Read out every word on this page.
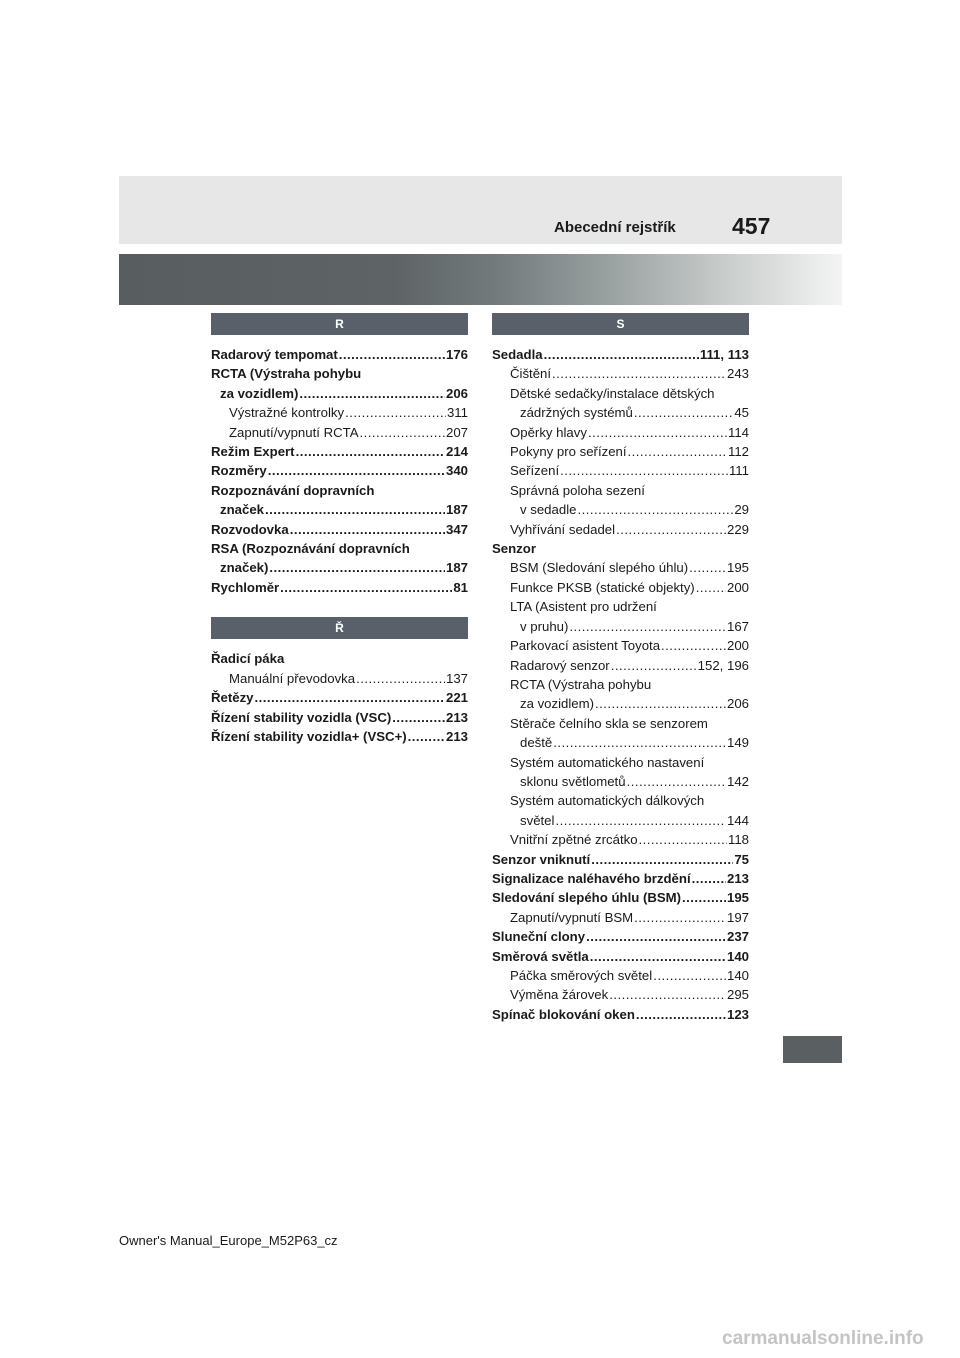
Abecední rejstřík 457
R
Radarový tempomat . . .	176
RCTA (Výstraha pohybu
za vozidlem) . . .	206
Výstražné kontrolky . . .	311
Zapnutí/vypnutí RCTA . . .	207
Režim Expert . . .	214
Rozměry . . .	340
Rozpoznávání dopravních
značek . . .	187
Rozvodovka . . .	347
RSA (Rozpoznávání dopravních
značek) . . .	187
Rychloměr . . .	81
Ř
Řadicí páka
Manuální převodovka . . .	137
Řetězy . . .	221
Řízení stability vozidla (VSC) . . .	213
Řízení stability vozidla+ (VSC+) . . .	213
S
Sedadla . . .	111, 113
Čištění . . .	243
Dětské sedačky/instalace dětských
zádržných systémů . . .	45
Opěrky hlavy . . .	114
Pokyny pro seřízení . . .	112
Seřízení . . .	111
Správná poloha sezení
v sedadle . . .	29
Vyhřívání sedadel . . .	229
Senzor
BSM (Sledování slepého úhlu) . . .	195
Funkce PKSB (statické objekty) . . . 200
LTA (Asistent pro udržení
v pruhu) . . .	167
Parkovací asistent Toyota . . .	200
Radarový senzor . . .	152, 196
RCTA (Výstraha pohybu
za vozidlem) . . .	206
Stěrače čelního skla se senzorem
deště . . .	149
Systém automatického nastavení
sklonu světlometů . . .	142
Systém automatických dálkových
světel . . .	144
Vnitřní zpětné zrcátko . . .	118
Senzor vniknutí . . .	75
Signalizace naléhavého brzdění . . .	213
Sledování slepého úhlu (BSM) . . .	195
Zapnutí/vypnutí BSM . . .	197
Sluneční clony . . .	237
Směrová světla . . .	140
Páčka směrových světel . . .	140
Výměna žárovek . . .	295
Spínač blokování oken . . .	123
Owner's Manual_Europe_M52P63_cz
carmanualsonline.info
